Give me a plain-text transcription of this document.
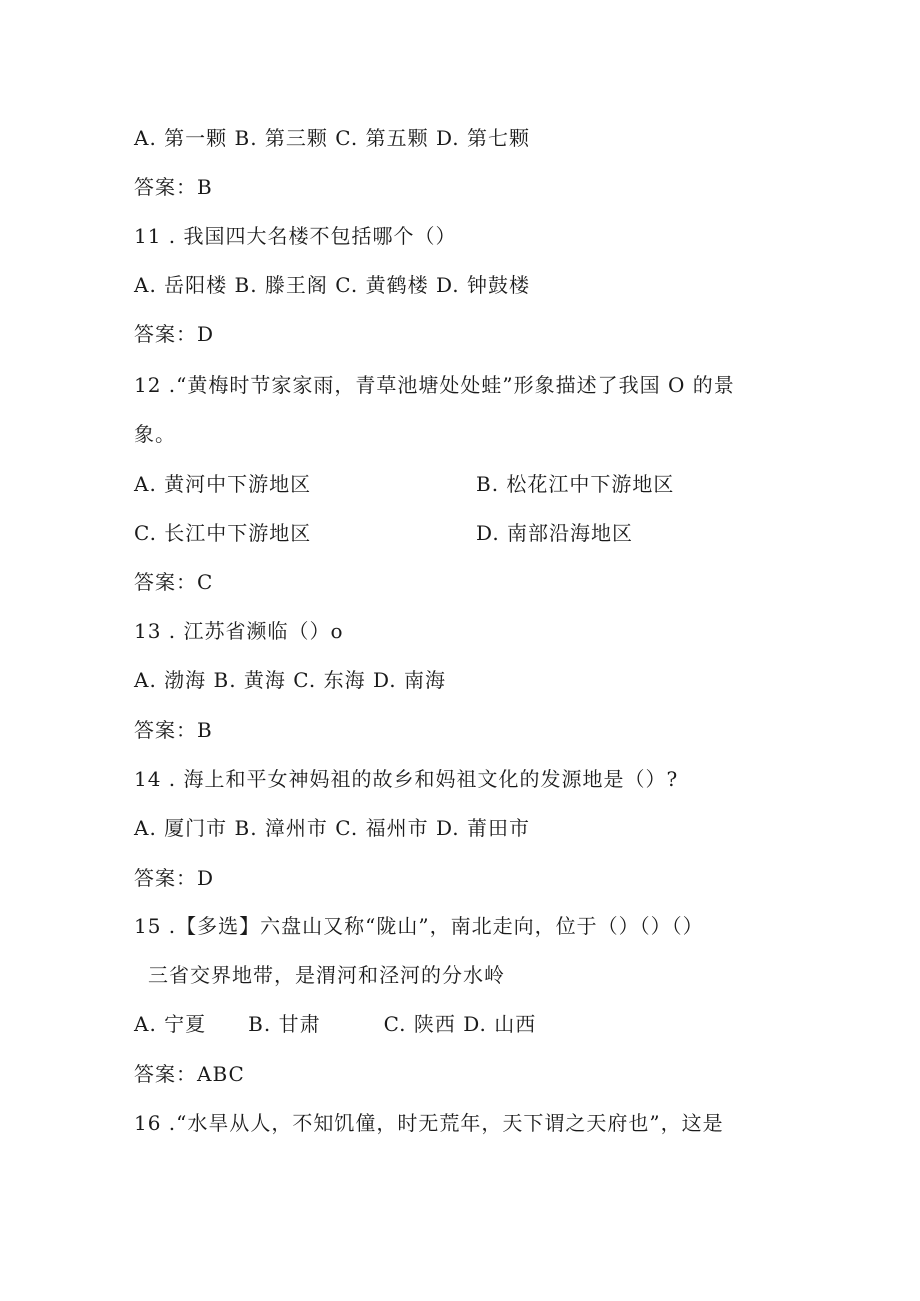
A. 第一颗 B. 第三颗 C. 第五颗 D. 第七颗
答案：B
11 . 我国四大名楼不包括哪个（）
A. 岳阳楼 B. 滕王阁 C. 黄鹤楼 D. 钟鼓楼
答案：D
12 .“黄梅时节家家雨，青草池塘处处蛙”形象描述了我国 O 的景
象。
A. 黄河中下游地区	B. 松花江中下游地区
C. 长江中下游地区	D. 南部沿海地区
答案：C
13 . 江苏省濒临（）o
A. 渤海 B. 黄海 C. 东海 D. 南海
答案：B
14 . 海上和平女神妈祖的故乡和妈祖文化的发源地是（）?
A. 厦门市 B. 漳州市 C. 福州市 D. 莆田市
答案：D
15 .【多选】六盘山又称“陇山”，南北走向，位于（）（）（）
三省交界地带，是渭河和泾河的分水岭
A. 宁夏　　B. 甘肃　　　C. 陕西 D. 山西
答案：ABC
16 .“水旱从人，不知饥僮，时无荒年，天下谓之天府也”，这是
